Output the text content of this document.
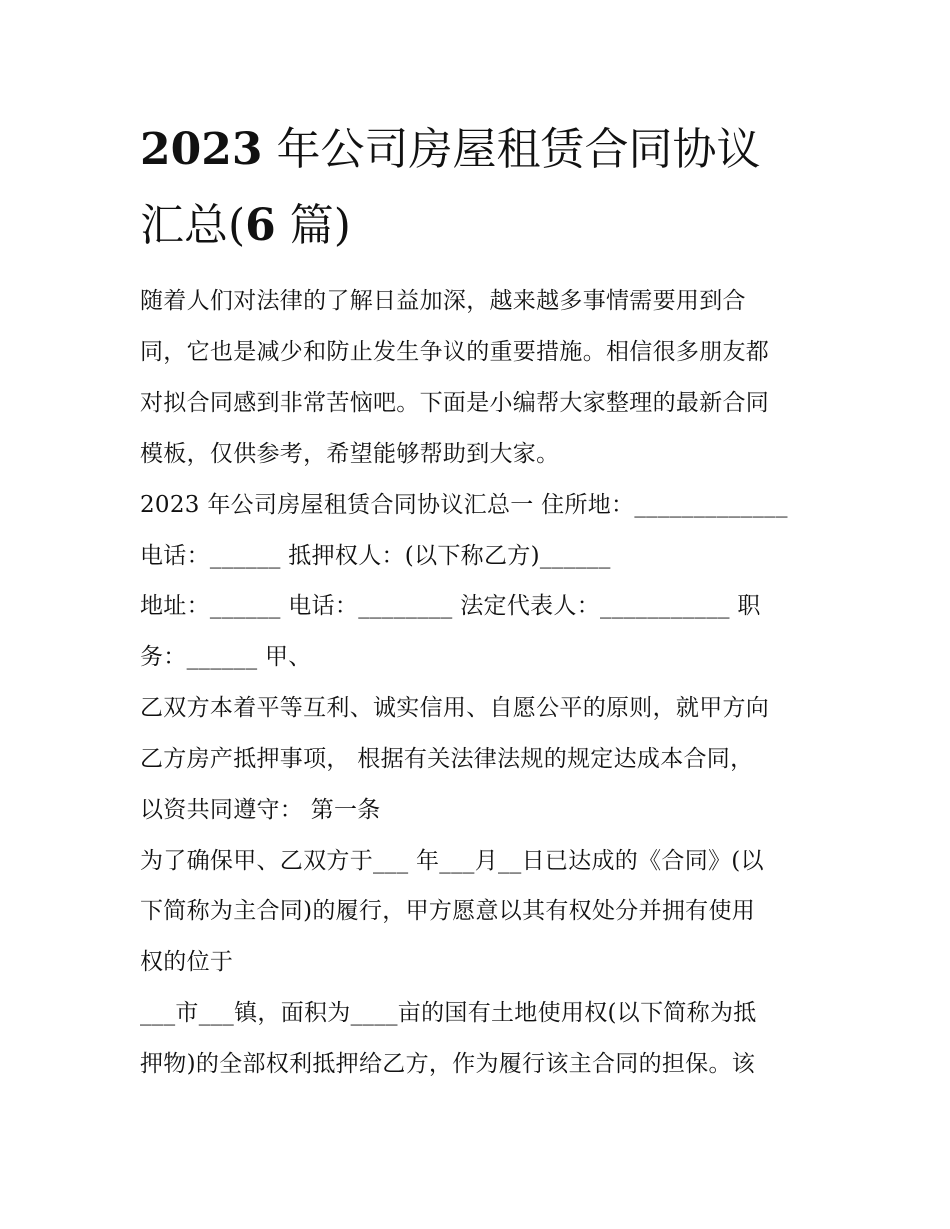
2023 年公司房屋租赁合同协议
汇总(6 篇)
随着人们对法律的了解日益加深，越来越多事情需要用到合
同，它也是减少和防止发生争议的重要措施。相信很多朋友都
对拟合同感到非常苦恼吧。下面是小编帮大家整理的最新合同
模板，仅供参考，希望能够帮助到大家。
2023 年公司房屋租赁合同协议汇总一 住所地：_____________
电话：______ 抵押权人：(以下称乙方)______
地址：______ 电话：________ 法定代表人：___________ 职
务：______ 甲、
乙双方本着平等互利、诚实信用、自愿公平的原则，就甲方向
乙方房产抵押事项， 根据有关法律法规的规定达成本合同，
以资共同遵守： 第一条
为了确保甲、乙双方于___ 年___月__日已达成的《合同》(以
下简称为主合同)的履行，甲方愿意以其有权处分并拥有使用
权的位于
___市___镇，面积为____亩的国有土地使用权(以下简称为抵
押物)的全部权利抵押给乙方，作为履行该主合同的担保。该
